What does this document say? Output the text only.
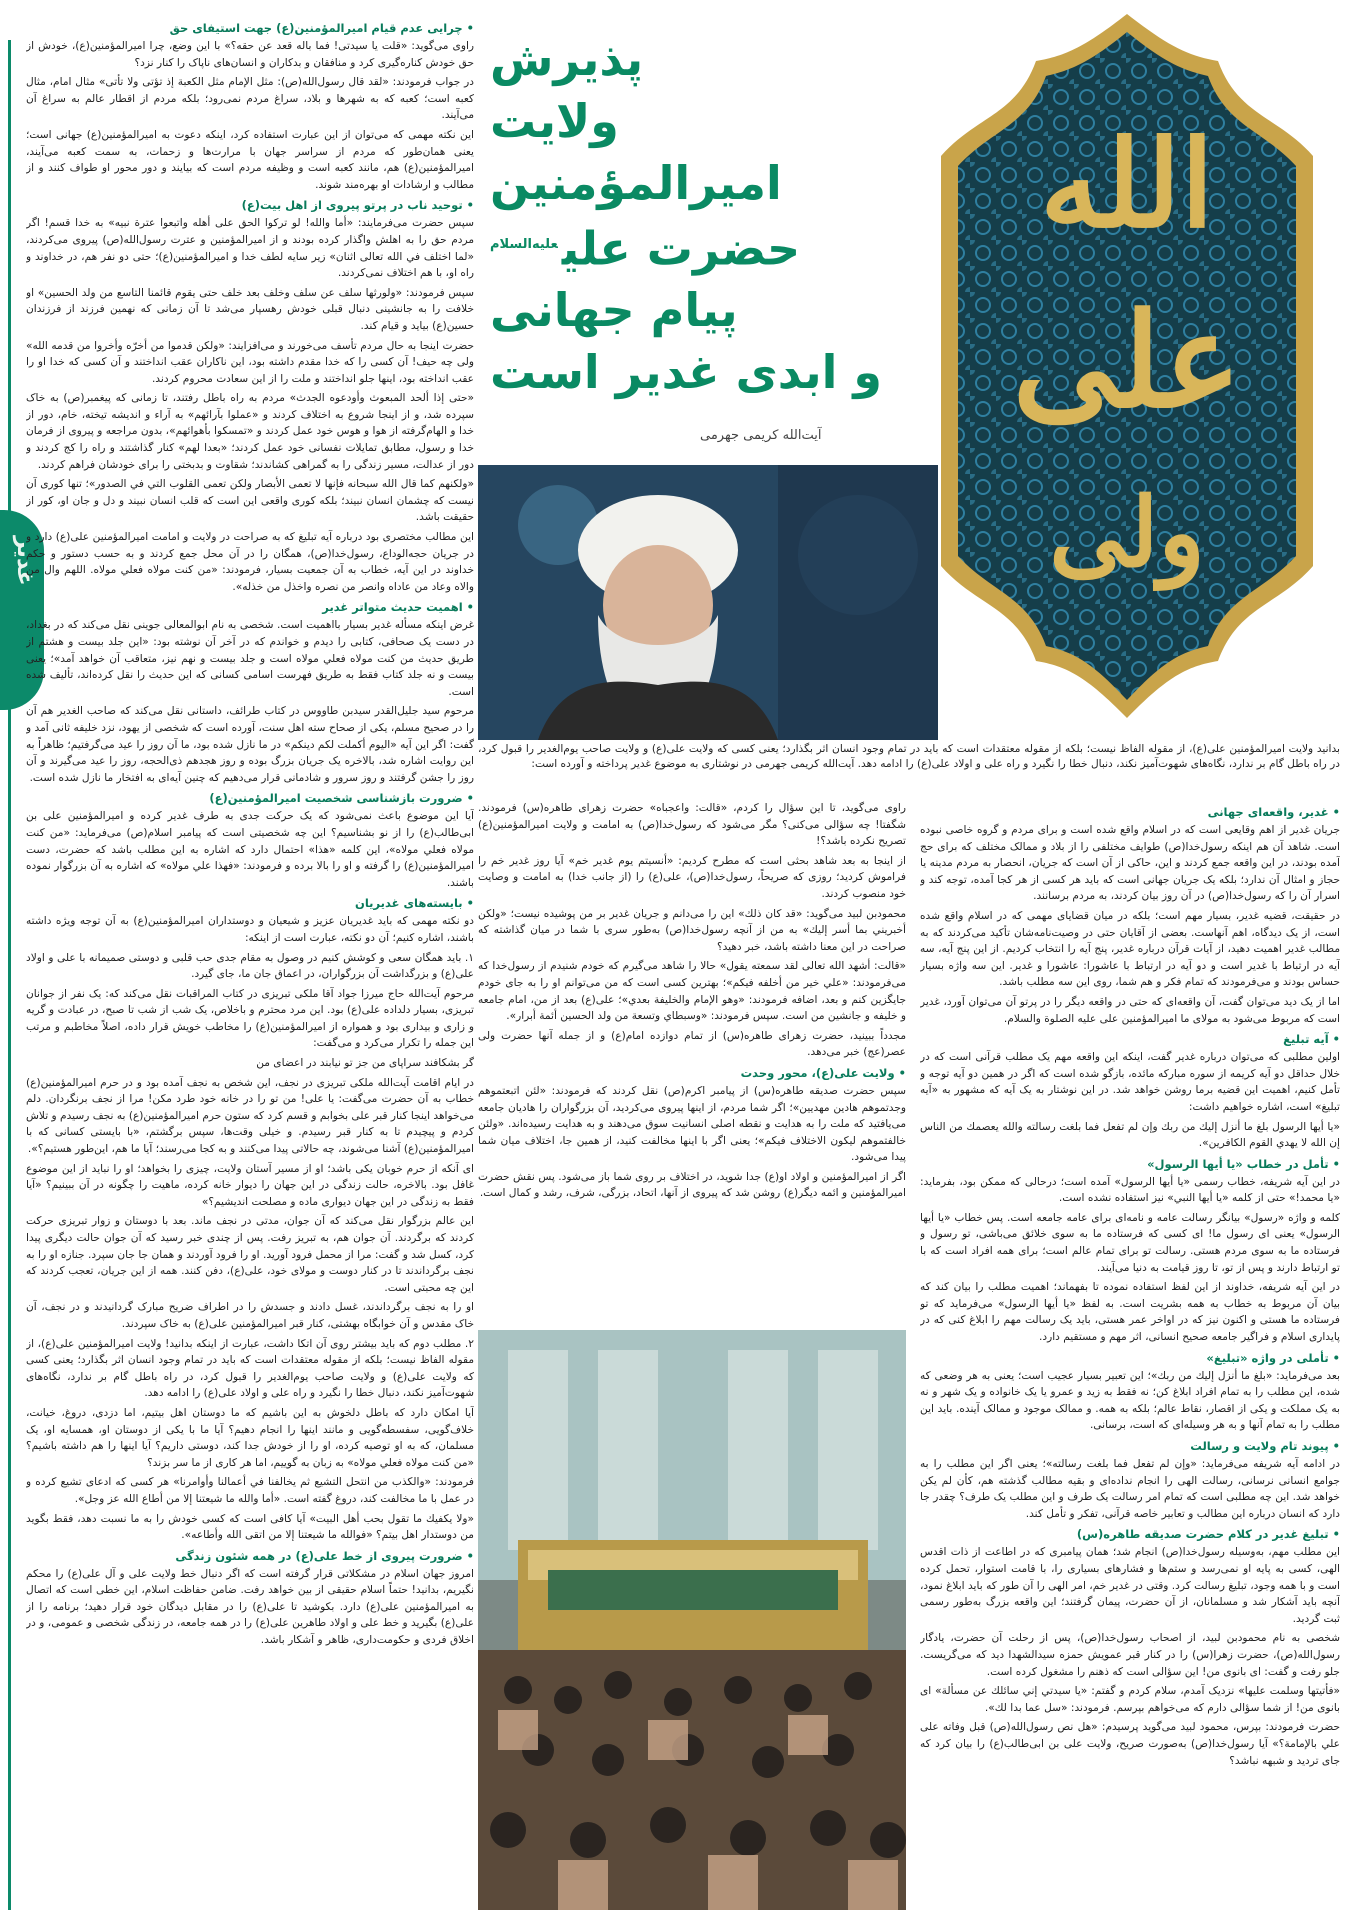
غدیر
• چرایی عدم قیام امیرالمؤمنین(ع) جهت استیفای حق

راوی می‌گوید: «قلت یا سیدتی! فما باله قعد عن حقه؟» با این وضع، چرا امیرالمؤمنین(ع)، خودش از حق خودش کناره‌گیری کرد و منافقان و بدکاران و انسان‌های ناپاک را کنار نزد؟

در جواب فرمودند: «لقد قال رسول‌الله(ص): مثل الإمام مثل الكعبة إذ تؤتی ولا تأتی» مثال امام، مثال کعبه است؛ کعبه که به شهرها و بلاد، سراغ مردم نمی‌رود؛ بلکه مردم از اقطار عالم به سراغ آن می‌آیند.

این نکته مهمی که می‌توان از این عبارت استفاده کرد، اینکه دعوت به امیرالمؤمنین(ع) جهانی است؛ یعنی همان‌طور که مردم از سراسر جهان با مرارت‌ها و زحمات، به سمت کعبه می‌آیند، امیرالمؤمنین(ع) هم، مانند کعبه است و وظیفه مردم است که بیایند و دور محور او طواف کنند و از مطالب و ارشادات او بهره‌مند شوند.

• توحید ناب در پرتو پیروی از اهل بیت(ع)

سپس حضرت می‌فرمایند: «أما والله! لو تركوا الحق على أهله واتبعوا عترة نبيه» به خدا قسم! اگر مردم حق را به اهلش واگذار کرده بودند و از امیرالمؤمنین و عترت رسول‌الله(ص) پیروی می‌کردند، «لما اختلف في الله تعالى اثنان» زیر سایه لطف خدا و امیرالمؤمنین(ع)؛ حتی دو نفر هم، در خداوند و راه او، با هم اختلاف نمی‌کردند.

سپس فرمودند: «ولورثها سلف عن سلف وخلف بعد خلف حتى يقوم قائمنا التاسع من ولد الحسين» او خلافت را به جانشینی دنبال قبلی خودش رهسپار می‌شد تا آن زمانی که نهمین فرزند از فرزندان حسین(ع) بیاید و قیام کند.

حضرت اینجا به حال مردم تأسف می‌خورند و می‌افزایند: «ولكن قدموا من أخرّه وأخروا من قدمه الله» ولی چه حیف! آن کسی را که خدا مقدم داشته بود، این ناکاران عقب انداختند و آن کسی که خدا او را عقب انداخته بود، اینها جلو انداختند و ملت را از این سعادت محروم کردند.

«حتى إذا ألحد المبعوث وأودعوه الجدث» مردم به راه باطل رفتند، تا زمانی که پیغمبر(ص) به خاک سپرده شد، و از اینجا شروع به اختلاف کردند و «عملوا بآرائهم» به آراء و اندیشه تیخته، خام، دور از خدا و الهام‌گرفته از هوا و هوس خود عمل کردند و «تمسكوا بأهوائهم»، بدون مراجعه و پیروی از فرمان خدا و رسول، مطابق تمایلات نفسانی خود عمل کردند؛ «بعدا لهم» کنار گذاشتند و راه را کج کردند و دور از عدالت، مسیر زندگی را به گمراهی کشاندند؛ شقاوت و بدبختی را برای خودشان فراهم کردند.

«ولكنهم كما قال الله سبحانه فإنها لا تعمى الأبصار ولكن تعمى القلوب التي في الصدور»؛ تنها کوری آن نیست که چشمان انسان نبیند؛ بلکه کوری واقعی این است که قلب انسان نبیند و دل و جان او، کور از حقیقت باشد.

این مطالب مختصری بود درباره آیه تبلیغ که به صراحت در ولایت و امامت امیرالمؤمنین علی(ع) دارد و در جریان حجه‌الوداع، رسول‌خدا(ص)، همگان را در آن محل جمع کردند و به حسب دستور و حکم خداوند در این آیه، خطاب به آن جمعیت بسیار، فرمودند: «من كنت مولاه فعلي مولاه. اللهم وال من والاه وعاد من عاداه وانصر من نصره واخذل من خذله».

• اهمیت حدیث متواتر غدیر

غرض اینکه مسأله غدیر بسیار با‌اهمیت است. شخصی به نام ابوالمعالی جوینی نقل می‌کند که در بغداد، در دست یک صحافی، کتابی را دیدم و خواندم که در آخر آن نوشته بود: «این جلد بیست و هشتم از طریق حدیث من كنت مولاه فعلي مولاه است و جلد بیست و نهم نیز، متعاقب آن خواهد آمد»؛ یعنی بیست و نه جلد کتاب فقط به طریق فهرست اسامی کسانی که این حدیث را نقل کرده‌اند، تألیف شده است.

مرحوم سید جلیل‌القدر سیدبن طاووس در کتاب طرائف، داستانی نقل می‌کند که صاحب الغدیر هم آن را در صحیح مسلم، یکی از صحاح سته اهل سنت، آورده است که شخصی از یهود، نزد خلیفه ثانی آمد و گفت: اگر این آیه «اليوم أكملت لكم دينكم» در ما نازل شده بود، ما آن روز را عید می‌گرفتیم؛ ظاهراً به این روایت اشاره شد، بالاخره یک جریان بزرگ بوده و روز هجدهم ذی‌الحجه، روز را عید می‌گیرند و آن روز را جشن گرفتند و روز سرور و شادمانی قرار می‌دهیم که چنین آیه‌ای به افتخار ما نازل شده است.

• ضرورت بازشناسی شخصیت امیرالمؤمنین(ع)

آیا این موضوع باعث نمی‌شود که یک حرکت جدی به طرف غدیر کرده و امیرالمؤمنین علی بن ابی‌طالب(ع) را از نو بشناسیم؟ این چه شخصیتی است که پیامبر اسلام(ص) می‌فرماید: «من كنت مولاه فعلي مولاه»، این کلمه «هذا» احتمال دارد که اشاره به این مطلب باشد که حضرت، دست امیرالمؤمنین(ع) را گرفته و او را بالا برده و فرمودند: «فهذا علي مولاه» که اشاره به آن بزرگوار نموده باشند.

• بایسته‌های غدیریان

دو نکته مهمی که باید غدیریان عزیز و شیعیان و دوستداران امیرالمؤمنین(ع) به آن توجه ویژه داشته باشند، اشاره کنیم؛ آن دو نکته، عبارت است از اینکه:

۱. باید همگان سعی و کوشش کنیم در وصول به مقام جدی حب قلبی و دوستی صمیمانه با علی و اولاد علی(ع) و بزرگداشت آن بزرگواران، در اعماق جان ما، جای گیرد.

مرحوم آیت‌الله حاج میرزا جواد آقا ملکی تبریزی در کتاب المراقبات نقل می‌کند که: یک نفر از جوانان تبریزی، بسیار دلداده علی(ع) بود. این مرد محترم و باخلاص، یک شب از شب تا صبح، در عبادت و گریه و زاری و بیداری بود و همواره از امیرالمؤمنین(ع) را مخاطب خویش قرار داده، اصلاً مخاطبم و مرتب این جمله را تکرار می‌کرد و می‌گفت:

گر بشکافند سراپای من جز تو نیابند در اعضای من

در ایام اقامت آیت‌الله ملکی تبریزی در نجف، این شخص به نجف آمده بود و در حرم امیرالمؤمنین(ع) خطاب به آن حضرت می‌گفت: یا علی! من تو را در خانه خود طرد مکن! مرا از نجف برنگردان. دلم می‌خواهد اینجا کنار قبر علی بخوابم و قسم کرد که ستون حرم امیرالمؤمنین(ع) به نجف رسیدم و تلاش کردم و پیچیدم تا به کنار قبر رسیدم. و خیلی وقت‌ها، سپس برگشتم، «با بایستی کسانی که با امیرالمؤمنین(ع) آشنا می‌شوند، چه حالاتی پیدا می‌کنند و به کجا می‌رسند؛ آیا ما هم، این‌طور هستیم؟».

ای آنکه از حرم خوبان یکی باشد؛ او از مسیر آستان ولایت، چیزی را بخواهد؛ او را نباید از این موضوع غافل بود. بالاخره، حالت زندگی در این جهان را دیوار خانه کرده، ماهیت را چگونه در آن ببینیم؟ «آیا فقط به زندگی در این جهان دیواری ماده و مصلحت اندیشیم؟»

این عالم بزرگوار نقل می‌کند که آن جوان، مدتی در نجف ماند. بعد با دوستان و زوار تبریزی حرکت کردند که برگردند. آن جوان هم، به تبریز رفت. پس از چندی خبر رسید که آن جوان حالت دیگری پیدا کرد، کسل شد و گفت: مرا از محمل فرود آورید. او را فرود آوردند و همان جا جان سپرد. جنازه او را به نجف برگرداندند تا در کنار دوست و مولای خود، علی(ع)، دفن کنند. همه از این جریان، تعجب کردند که این چه محبتی است.

او را به نجف برگرداندند، غسل دادند و جسدش را در اطراف ضریح مبارک گردانیدند و در نجف، آن خاک مقدس و آن خوابگاه بهشتی، کنار قبر امیرالمؤمنین علی(ع) به خاک سپردند.

۲. مطلب دوم که باید بیشتر روی آن اتکا داشت، عبارت از اینکه بدانید! ولایت امیرالمؤمنین علی(ع)، از مقوله الفاظ نیست؛ بلکه از مقوله معتقدات است که باید در تمام وجود انسان اثر بگذارد؛ یعنی کسی که ولایت علی(ع) و ولایت صاحب یوم‌الغدیر را قبول کرد، در راه باطل گام بر ندارد، نگاه‌های شهوت‌آمیز نکند، دنبال خطا را نگیرد و راه علی و اولاد علی(ع) را ادامه دهد.

آیا امکان دارد که باطل دلخوش به این باشیم که ما دوستان اهل بیتیم، اما دزدی، دروغ، خیانت، خلاف‌گویی، سفسطه‌گویی و مانند اینها را انجام دهیم؟ آیا ما با یکی از دوستان او، همسایه او، یک مسلمان، که به او توصیه کرده، او را از خودش جدا کند، دوستی داریم؟ آیا اینها را هم داشته باشیم؟ «من كنت مولاه فعلي مولاه» به زبان به گوییم، اما هر کاری از ما سر بزند؟

فرمودند: «والكذب من انتحل التشيع ثم يخالفنا في أعمالنا وأوامرنا» هر کسی که ادعای تشیع کرده و در عمل با ما مخالفت کند، دروغ گفته است. «أما والله ما شيعتنا إلا من أطاع الله عز وجل».

«ولا يكفيك ما تقول بحب أهل البيت» آیا کافی است که کسی خودش را به ما نسبت دهد، فقط بگوید من دوستدار اهل بیتم؟ «فوالله ما شيعتنا إلا من اتقى الله وأطاعه».

• ضرورت پیروی از خط علی(ع) در همه شئون زندگی

امروز جهان اسلام در مشکلاتی قرار گرفته است که اگر دنبال خط ولایت علی و آل علی(ع) را محکم نگیریم، بدانید! حتماً اسلام حقیقی از بین خواهد رفت. ضامن حفاظت اسلام، این خطی است که اتصال به امیرالمؤمنین علی(ع) دارد. بکوشید تا علی(ع) را در مقابل دیدگان خود قرار دهید؛ برنامه را از علی(ع) بگیرید و خط علی و اولاد طاهرین علی(ع) را در همه جامعه، در زندگی شخصی و عمومی، و در اخلاق فردی و حکومت‌داری، ظاهر و آشکار باشد.

پذیرش
ولایت امیرالمؤمنین
حضرت علی$^{علیه‌السلام}$
پیام جهانی
و ابدی غدیر است
آیت‌الله کریمی جهرمی
الله
علی
ولی
بدانید ولایت امیرالمؤمنین علی(ع)، از مقوله الفاظ نیست؛ بلکه از مقوله معتقدات است که باید در تمام وجود انسان اثر بگذارد؛ یعنی کسی که ولایت علی(ع) و ولایت صاحب یوم‌الغدیر را قبول کرد، در راه باطل گام بر ندارد، نگاه‌های شهوت‌آمیز نکند، دنبال خطا را نگیرد و راه علی و اولاد علی(ع) را ادامه دهد. آیت‌الله کریمی جهرمی در نوشتاری به موضوع غدیر پرداخته و آورده است:

راوی می‌گوید، تا این سؤال را کردم، «قالت: واعجباه» حضرت زهرای طاهره(س) فرمودند. شگفتا! چه سؤالی می‌کنی؟ مگر می‌شود که رسول‌خدا(ص) به امامت و ولایت امیرالمؤمنین(ع) تصریح نکرده باشد؟!

از اینجا به بعد شاهد بحثی است که مطرح کردیم: «أنسيتم يوم غدير خم» آیا روز غدیر خم را فراموش کردید؛ روزی که صریحاً، رسول‌خدا(ص)، علی(ع) را (از جانب خدا) به امامت و وصایت خود منصوب کردند.

محمودبن لبید می‌گوید: «قد كان ذلك» این را می‌دانم و جریان غدیر بر من پوشیده نیست؛ «ولكن أخبريني بما أسر إليك» به من از آنچه رسول‌خدا(ص) به‌طور سری با شما در میان گذاشته که صراحت در این معنا داشته باشد، خبر دهید؟

«قالت: أشهد الله تعالى لقد سمعته يقول» حالا را شاهد می‌گیرم که خودم شنیدم از رسول‌خدا که می‌فرمودند: «علي خير من أخلفه فيكم»؛ بهترین کسی است که من می‌توانم او را به جای خودم جایگزین کنم و بعد، اضافه فرمودند: «وهو الإمام والخليفة بعدي»؛ علی(ع) بعد از من، امام جامعه و خلیفه و جانشین من است. سپس فرمودند: «وسبطاي وتسعة من ولد الحسين أئمة أبرار».

مجدداً ببینید، حضرت زهرای طاهره(س) از تمام دوازده امام(ع) و از جمله آنها حضرت ولی عصر(عج) خبر می‌دهد.

• ولایت علی(ع)، محور وحدت

سپس حضرت صدیقه طاهره(س) از پیامبر اکرم(ص) نقل کردند که فرمودند: «لئن اتبعتموهم وجدتموهم هادين مهديين»؛ اگر شما مردم، از اینها پیروی می‌کردید، آن بزرگواران را هادیان جامعه می‌یافتید که ملت را به هدایت و نقطه اصلی انسانیت سوق می‌دهند و به هدایت رسیده‌اند. «ولئن خالفتموهم ليكون الاختلاف فيكم»؛ یعنی اگر با اینها مخالفت کنید، از همین جا، اختلاف میان شما پیدا می‌شود.

اگر از امیرالمؤمنین و اولاد او(ع) جدا شوید، در اختلاف بر روی شما باز می‌شود. پس نقش حضرت امیرالمؤمنین و ائمه دیگر(ع) روشن شد که پیروی از آنها، اتحاد، بزرگی، شرف، رشد و کمال است.

• غدیر، واقعه‌ای جهانی

جریان غدیر از اهم وقایعی است که در اسلام واقع شده است و برای مردم و گروه خاصی نبوده است. شاهد آن هم اینکه رسول‌خدا(ص) طوایف مختلفی را از بلاد و ممالک مختلف که برای حج آمده بودند، در این واقعه جمع کردند و این، حاکی از آن است که جریان، انحصار به مردم مدینه یا حجاز و امثال آن ندارد؛ بلکه یک جریان جهانی است که باید هر کسی از هر کجا آمده، توجه کند و اسرار آن را که رسول‌خدا(ص) در آن روز بیان کردند، به مردم برسانند.

در حقیقت، قضیه غدیر، بسیار مهم است؛ بلکه در میان قضایای مهمی که در اسلام واقع شده است، از یک دیدگاه، اهم آنهاست. بعضی از آقایان حتی در وصیت‌نامه‌شان تأکید می‌کردند که به مطالب غدیر اهمیت دهید، از آیات قرآن درباره غدیر، پنج آیه را انتخاب کردیم. از این پنج آیه، سه آیه در ارتباط با غدیر است و دو آیه در ارتباط با عاشورا: عاشورا و غدیر. این سه واژه بسیار حساس بودند و می‌فرمودند که تمام فکر و هم شما، روی این سه مطلب باشد.

اما از یک دید می‌توان گفت، آن واقعه‌ای که حتی در واقعه دیگر را در پرتو آن می‌توان آورد، غدیر است که مربوط می‌شود به مولای ما امیرالمؤمنین علی علیه الصلوة والسلام.

• آیه تبلیغ

اولین مطلبی که می‌توان درباره غدیر گفت، اینکه این واقعه مهم یک مطلب قرآنی است که در خلال حداقل دو آیه کریمه از سوره مبارکه مائده، بازگو شده است که اگر در همین دو آیه توجه و تأمل کنیم، اهمیت این قضیه برما روشن خواهد شد. در این نوشتار به یک آیه که مشهور به «آیه تبلیغ» است، اشاره خواهیم داشت:

«يا أيها الرسول بلغ ما أنزل إليك من ربك وإن لم تفعل فما بلغت رسالته والله يعصمك من الناس إن الله لا يهدي القوم الكافرين».

• تأمل در خطاب «یا أیها الرسول»

در این آیه شریفه، خطاب رسمی «يا أيها الرسول» آمده است؛ درحالی که ممکن بود، بفرماید: «یا محمد!» حتی از کلمه «يا أيها النبي» نیز استفاده نشده است.

کلمه و واژه «رسول» بیانگر رسالت عامه و نامه‌ای برای عامه جامعه است. پس خطاب «یا أیها الرسول» یعنی ای رسول ما! ای کسی که فرستاده ما به سوی خلائق می‌باشی، تو رسول و فرستاده ما به سوی مردم هستی. رسالت تو برای تمام عالم است؛ برای همه افراد است که با تو ارتباط دارند و پس از تو، تا روز قیامت به دنیا می‌آیند.

در این آیه شریفه، خداوند از این لفظ استفاده نموده تا بفهماند؛ اهمیت مطلب را بیان کند که بیان آن مربوط به خطاب به همه بشریت است. به لفظ «يا أيها الرسول» می‌فرماید که تو فرستاده ما هستی و اکنون نیز که در اواخر عمر هستی، باید یک رسالت مهم را ابلاغ کنی که در پایداری اسلام و فراگیر جامعه صحیح انسانی، اثر مهم و مستقیم دارد.

• تأملی در واژه «تبلیغ»

بعد می‌فرماید: «بلغ ما أنزل إليك من ربك»؛ این تعبیر بسیار عجیب است؛ یعنی به هر وضعی که شده، این مطلب را به تمام افراد ابلاغ کن؛ نه فقط به زید و عمرو یا یک خانواده و یک شهر و نه به یک مملکت و یکی از اقصار، نقاط عالم؛ بلکه به همه. و ممالک موجود و ممالک آینده. باید این مطلب را به تمام آنها و به هر وسیله‌ای که است، برسانی.

• پیوند تام ولایت و رسالت

در ادامه آیه شریفه می‌فرماید: «وإن لم تفعل فما بلغت رسالته»؛ یعنی اگر این مطلب را به جوامع انسانی نرسانی، رسالت الهی را انجام نداده‌ای و بقیه مطالب گذشته هم، کأن لم یکن خواهد شد. این چه مطلبی است که تمام امر رسالت یک طرف و این مطلب یک طرف؟ چقدر جا دارد که انسان درباره این مطالب و تعابیر خاصه قرآنی، تفکر و تأمل کند.

• تبلیغ غدیر در کلام حضرت صدیقه طاهره(س)

این مطلب مهم، به‌وسیله رسول‌خدا(ص) انجام شد؛ همان پیامبری که در اطاعت از ذات اقدس الهی، کسی به پایه او نمی‌رسد و ستم‌ها و فشارهای بسیاری را، با قامت استوار، تحمل کرده است و با همه وجود، تبلیغ رسالت کرد. وقتی در غدیر خم، امر الهی را آن طور که باید ابلاغ نمود، آنچه باید آشکار شد و مسلمانان، از آن حضرت، پیمان گرفتند؛ این واقعه بزرگ به‌طور رسمی ثبت گردید.

شخصی به نام محمودبن لبید، از اصحاب رسول‌خدا(ص)، پس از رحلت آن حضرت، یادگار رسول‌الله(ص)، حضرت زهرا(س) را در کنار قبر عمویش حمزه سیدالشهدا دید که می‌گریست. جلو رفت و گفت: ای بانوی من! این سؤالی است که ذهنم را مشغول کرده است.

«فأتيتها وسلمت عليها» نزدیک آمدم، سلام کردم و گفتم: «يا سيدتي إني سائلك عن مسألة» ای بانوی من! از شما سؤالی دارم که می‌خواهم بپرسم. فرمودند: «سل عما بدا لك».

حضرت فرمودند: بپرس، محمود لبید می‌گوید پرسیدم: «هل نص رسول‌الله(ص) قبل وفاته على علي بالإمامة؟» آیا رسول‌خدا(ص) به‌صورت صریح، ولایت علی بن ابی‌طالب(ع) را بیان کرد که جای تردید و شبهه نباشد؟
